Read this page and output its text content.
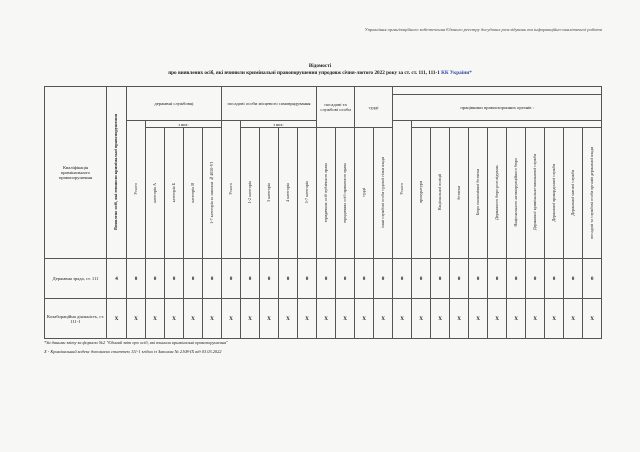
Управління організаційного забезпечення Єдиного реєстру досудових розслідувань та інформаційно-аналітичної роботи
Відомості
про виявлених осіб, які вчинили кримінальні правопорушення упродовж січня-лютого 2022 року за ст. ст. 111, 111-1 КК України*
Кваліфікація кримінального правопорушення	Виявлено осіб, які вчинили кримінальні правопорушення	державні службовці					посадові особи місцевого самоврядування					посадові та службові особи		судді												
																працівники правоохоронних органів :										
		Усього	з них:				Усього	з них:								Усього										
			категорія А	категорія Б	категорія В	1-7 категорія за законом №4050-VI		1-2 категорія	3 категорія	4 категорія	5-7 категорія	юридичних осіб публічного права	юридичних осіб приватного права	судді	інші службові особи судової гілки влади		прокуратури	Національної поліції	безпеки	Бюро економічної безпеки	Державного бюро розслідувань	Національного антикорупційного бюро	Державної кримінально-виконавчої служби	Державної прикордонної служби	Державної митної служби	посадові та службові особи органів державної влади
Державна зрада, ст. 111	4	0	0	0	0	0	0	0	0	0	0	0	0	0	0	0	0	0	0	0	0	0	0	0	0	0
Колабораційна діяльність, ст. 111-1	X	X	X	X	X	X	X	X	X	X	X	X	X	X	X	X	X	X	X	X	X	X	X	X	X	X
*За даними звіту за формою №2 "Єдиний звіт про осіб, які вчинили кримінальні правопорушення"
X - Кримінальний кодекс доповнено статтею 111-1 згідно із Законом № 2108-IX від 03.03.2022
